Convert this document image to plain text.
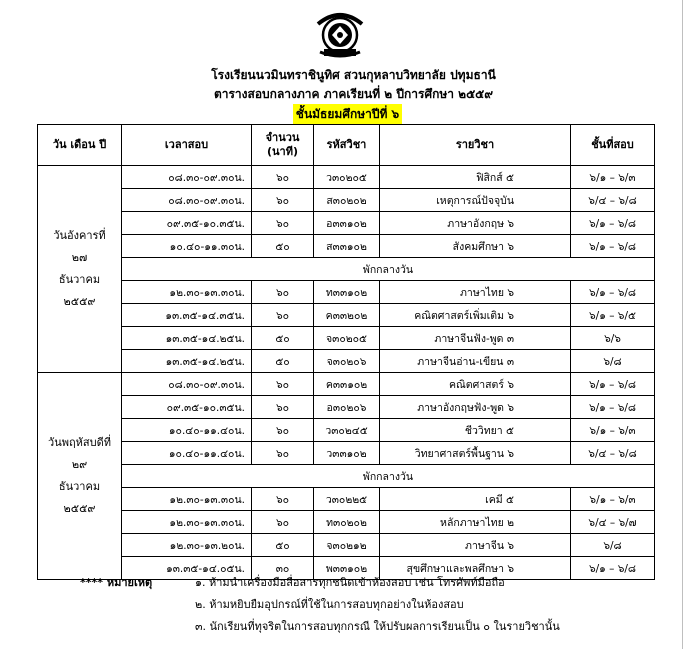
โรงเรียนนวมินทราชินูทิศ สวนกุหลาบวิทยาลัย ปทุมธานี
ตารางสอบกลางภาค ภาคเรียนที่ ๒ ปีการศึกษา ๒๕๕๙
ชั้นมัธยมศึกษาปีที่ ๖
วัน เดือน ปี	เวลาสอบ	จำนวน
(นาที)	รหัสวิชา	รายวิชา	ชั้นที่สอบ
วันอังคารที่
๒๗
ธันวาคม
๒๕๕๙	๐๘.๓๐-๐๙.๓๐น.	๖๐	ว๓๐๒๐๕	ฟิสิกส์ ๕	๖/๑ – ๖/๓
	๐๘.๓๐-๐๙.๓๐น.	๖๐	ส๓๐๒๐๒	เหตุการณ์ปัจจุบัน	๖/๔ – ๖/๘
	๐๙.๓๕-๑๐.๓๕น.	๖๐	อ๓๓๑๐๒	ภาษาอังกฤษ ๖	๖/๑ – ๖/๘
	๑๐.๔๐-๑๑.๓๐น.	๕๐	ส๓๓๑๐๒	สังคมศึกษา ๖	๖/๑ – ๖/๘
	พักกลางวัน				
	๑๒.๓๐-๑๓.๓๐น.	๖๐	ท๓๓๑๐๒	ภาษาไทย ๖	๖/๑ – ๖/๘
	๑๓.๓๕-๑๔.๓๕น.	๖๐	ค๓๓๒๐๒	คณิตศาสตร์เพิ่มเติม ๖	๖/๑ – ๖/๕
	๑๓.๓๕-๑๔.๒๕น.	๕๐	จ๓๐๒๐๕	ภาษาจีนฟัง-พูด ๓	๖/๖
	๑๓.๓๕-๑๔.๒๕น.	๕๐	จ๓๐๒๐๖	ภาษาจีนอ่าน-เขียน ๓	๖/๘
วันพฤหัสบดีที่
๒๙
ธันวาคม
๒๕๕๙	๐๘.๓๐-๐๙.๓๐น.	๖๐	ค๓๓๑๐๒	คณิตศาสตร์ ๖	๖/๑ – ๖/๘
	๐๙.๓๕-๑๐.๓๕น.	๖๐	อ๓๐๒๐๖	ภาษาอังกฤษฟัง-พูด ๖	๖/๑ – ๖/๘
	๑๐.๔๐-๑๑.๔๐น.	๖๐	ว๓๐๒๔๕	ชีววิทยา ๕	๖/๑ – ๖/๓
	๑๐.๔๐-๑๑.๔๐น.	๖๐	ว๓๓๑๐๒	วิทยาศาสตร์พื้นฐาน ๖	๖/๔ – ๖/๘
	พักกลางวัน				
	๑๒.๓๐-๑๓.๓๐น.	๖๐	ว๓๐๒๒๕	เคมี ๕	๖/๑ – ๖/๓
	๑๒.๓๐-๑๓.๓๐น.	๖๐	ท๓๐๒๐๒	หลักภาษาไทย ๒	๖/๔ – ๖/๗
	๑๒.๓๐-๑๓.๒๐น.	๕๐	จ๓๐๒๑๒	ภาษาจีน ๖	๖/๘
	๑๓.๓๕-๑๔.๐๕น.	๓๐	พ๓๓๑๐๒	สุขศึกษาและพลศึกษา ๖	๖/๑ – ๖/๘
**** หมายเหตุ	๑. ห้ามนำเครื่องมือสื่อสารทุกชนิดเข้าห้องสอบ เช่น โทรศัพท์มือถือ
๒. ห้ามหยิบยืมอุปกรณ์ที่ใช้ในการสอบทุกอย่างในห้องสอบ
๓. นักเรียนที่ทุจริตในการสอบทุกกรณี ให้ปรับผลการเรียนเป็น ๐ ในรายวิชานั้น
